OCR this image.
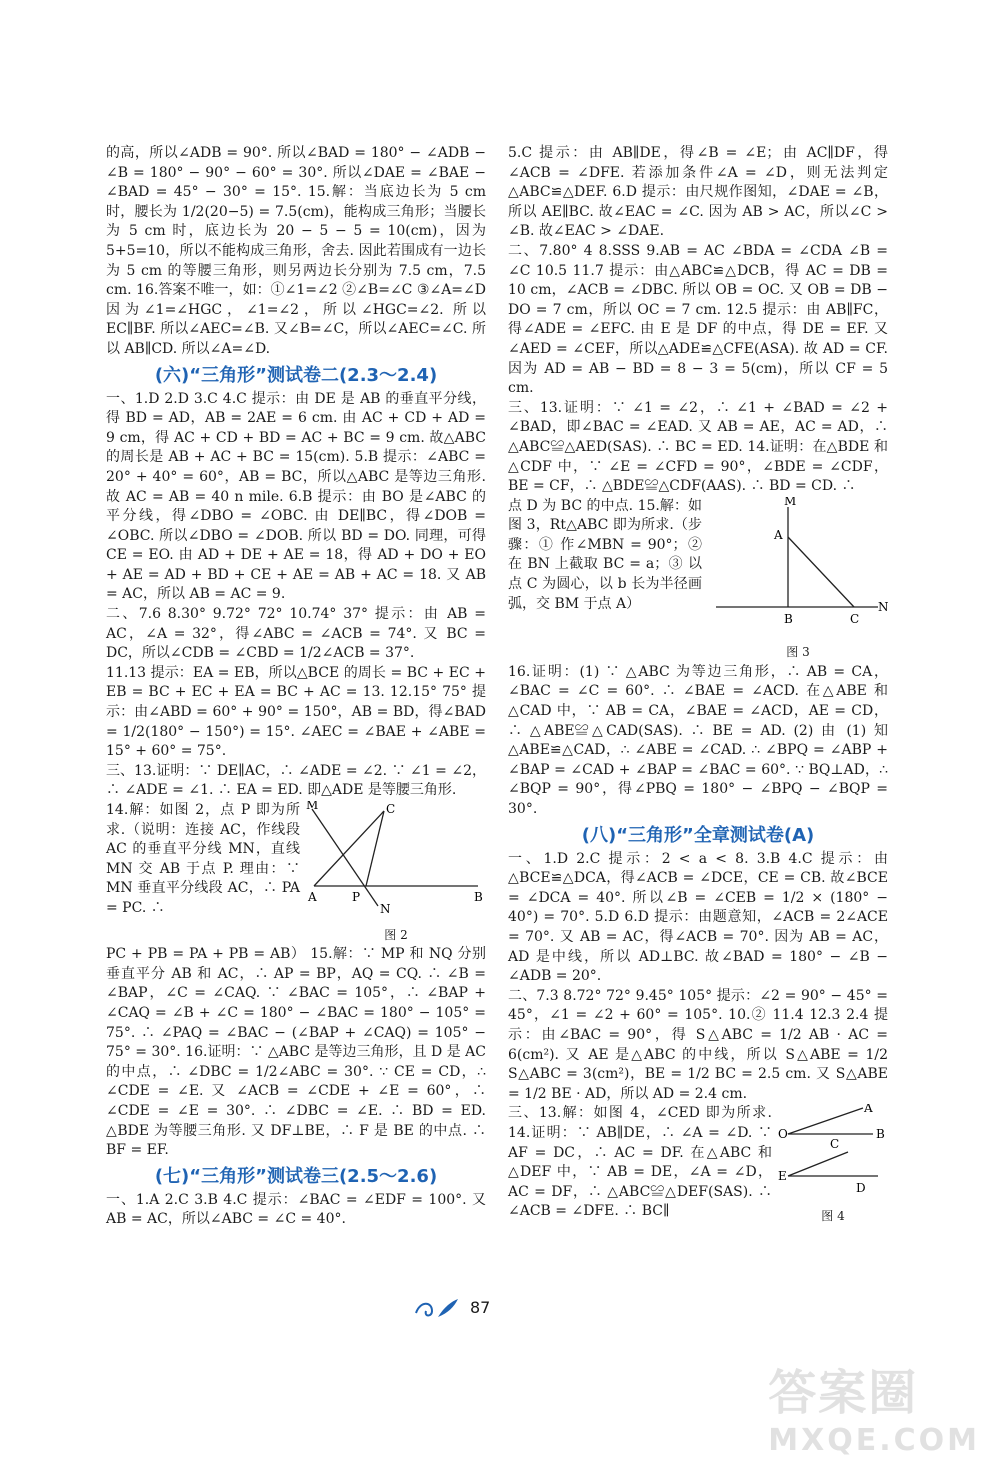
的高，所以∠ADB = 90°. 所以∠BAD = 180° − ∠ADB − ∠B = 180° − 90° − 60° = 30°. 所以∠DAE = ∠BAE − ∠BAD = 45° − 30° = 15°. 15.解：当底边长为 5 cm 时，腰长为 1/2(20−5) = 7.5(cm)，能构成三角形；当腰长为 5 cm 时，底边长为 20 − 5 − 5 = 10(cm)，因为 5+5=10，所以不能构成三角形，舍去. 因此若围成有一边长为 5 cm 的等腰三角形，则另两边长分别为 7.5 cm，7.5 cm. 16.答案不唯一，如：①∠1=∠2 ②∠B=∠C ③∠A=∠D 因为∠1=∠HGC，∠1=∠2，所以∠HGC=∠2. 所以 EC∥BF. 所以∠AEC=∠B. 又∠B=∠C，所以∠AEC=∠C. 所以 AB∥CD. 所以∠A=∠D.

(六)“三角形”测试卷二(2.3～2.4)

一、1.D 2.D 3.C 4.C 提示：由 DE 是 AB 的垂直平分线，得 BD = AD，AB = 2AE = 6 cm. 由 AC + CD + AD = 9 cm，得 AC + CD + BD = AC + BC = 9 cm. 故△ABC 的周长是 AB + AC + BC = 15(cm). 5.B 提示：∠ABC = 20° + 40° = 60°，AB = BC，所以△ABC 是等边三角形. 故 AC = AB = 40 n mile. 6.B 提示：由 BO 是∠ABC 的平分线，得∠DBO = ∠OBC. 由 DE∥BC，得∠DOB = ∠OBC. 所以∠DBO = ∠DOB. 所以 BD = DO. 同理，可得 CE = EO. 由 AD + DE + AE = 18，得 AD + DO + EO + AE = AD + BD + CE + AE = AB + AC = 18. 又 AB = AC，所以 AB = AC = 9.

二、7.6 8.30° 9.72° 72° 10.74° 37° 提示：由 AB = AC，∠A = 32°，得∠ABC = ∠ACB = 74°. 又 BC = DC，所以∠CDB = ∠CBD = 1/2∠ACB = 37°.

11.13 提示：EA = EB，所以△BCE 的周长 = BC + EC + EB = BC + EC + EA = BC + AC = 13. 12.15° 75° 提示：由∠ABD = 60° + 90° = 150°，AB = BD，得∠BAD = 1/2(180° − 150°) = 15°. ∠AEC = ∠BAE + ∠ABE = 15° + 60° = 75°.

三、13.证明：∵ DE∥AC，∴ ∠ADE = ∠2. ∵ ∠1 = ∠2，∴ ∠ADE = ∠1. ∴ EA = ED. 即△ADE 是等腰三角形.

14.解：如图 2，点 P 即为所求.（说明：连接 AC，作线段 AC 的垂直平分线 MN，直线 MN 交 AB 于点 P. 理由：∵ MN 垂直平分线段 AC，∴ PA = PC. ∴

M
N
C
A	P	B
图 2

PC + PB = PA + PB = AB） 15.解：∵ MP 和 NQ 分别垂直平分 AB 和 AC，∴ AP = BP，AQ = CQ. ∴ ∠B = ∠BAP，∠C = ∠CAQ. ∵ ∠BAC = 105°，∴ ∠BAP + ∠CAQ = ∠B + ∠C = 180° − ∠BAC = 180° − 105° = 75°. ∴ ∠PAQ = ∠BAC − (∠BAP + ∠CAQ) = 105° − 75° = 30°. 16.证明：∵ △ABC 是等边三角形，且 D 是 AC 的中点，∴ ∠DBC = 1/2∠ABC = 30°. ∵ CE = CD，∴ ∠CDE = ∠E. 又 ∠ACB = ∠CDE + ∠E = 60°，∴ ∠CDE = ∠E = 30°. ∴ ∠DBC = ∠E. ∴ BD = ED. △BDE 为等腰三角形. 又 DF⊥BE，∴ F 是 BE 的中点. ∴ BF = EF.

(七)“三角形”测试卷三(2.5～2.6)

一、1.A 2.C 3.B 4.C 提示：∠BAC = ∠EDF = 100°. 又 AB = AC，所以∠ABC = ∠C = 40°.

5.C 提示：由 AB∥DE，得∠B = ∠E；由 AC∥DF，得∠ACB = ∠DFE. 若添加条件∠A = ∠D，则无法判定△ABC≌△DEF. 6.D 提示：由尺规作图知，∠DAE = ∠B，所以 AE∥BC. 故∠EAC = ∠C. 因为 AB > AC，所以∠C > ∠B. 故∠EAC > ∠DAE.

二、7.80° 4 8.SSS 9.AB = AC ∠BDA = ∠CDA ∠B = ∠C 10.5 11.7 提示：由△ABC≌△DCB，得 AC = DB = 10 cm，∠ACB = ∠DBC. 所以 OB = OC. 又 OB = DB − DO = 7 cm，所以 OC = 7 cm. 12.5 提示：由 AB∥FC，得∠ADE = ∠EFC. 由 E 是 DF 的中点，得 DE = EF. 又∠AED = ∠CEF，所以△ADE≌△CFE(ASA). 故 AD = CF. 因为 AD = AB − BD = 8 − 3 = 5(cm)，所以 CF = 5 cm.

三、13.证明：∵ ∠1 = ∠2，∴ ∠1 + ∠BAD = ∠2 + ∠BAD，即∠BAC = ∠EAD. 又 AB = AE，AC = AD，∴ △ABC≌△AED(SAS). ∴ BC = ED. 14.证明：在△BDE 和△CDF 中，∵ ∠E = ∠CFD = 90°，∠BDE = ∠CDF，BE = CF，∴ △BDE≌△CDF(AAS). ∴ BD = CD. ∴

点 D 为 BC 的中点. 15.解：如图 3，Rt△ABC 即为所求.（步骤：① 作∠MBN = 90°；② 在 BN 上截取 BC = a；③ 以点 C 为圆心，以 b 长为半径画弧，交 BM 于点 A）

M
A
B	C
N
图 3

16.证明：(1) ∵ △ABC 为等边三角形，∴ AB = CA，∠BAC = ∠C = 60°. ∴ ∠BAE = ∠ACD. 在△ABE 和△CAD 中，∵ AB = CA，∠BAE = ∠ACD，AE = CD，∴ △ABE≌△CAD(SAS). ∴ BE = AD. (2) 由 (1) 知△ABE≌△CAD，∴ ∠ABE = ∠CAD. ∴ ∠BPQ = ∠ABP + ∠BAP = ∠CAD + ∠BAP = ∠BAC = 60°. ∵ BQ⊥AD，∴ ∠BQP = 90°，得∠PBQ = 180° − ∠BPQ − ∠BQP = 30°.

(八)“三角形”全章测试卷(A)

一、1.D 2.C 提示：2 < a < 8. 3.B 4.C 提示：由△BCE≌△DCA，得∠ACB = ∠DCE，CE = CB. 故∠BCE = ∠DCA = 40°. 所以∠B = ∠CEB = 1/2 × (180° − 40°) = 70°. 5.D 6.D 提示：由题意知，∠ACB = 2∠ACE = 70°. 又 AB = AC，得∠ACB = 70°. 因为 AB = AC，AD 是中线，所以 AD⊥BC. 故∠BAD = 180° − ∠B − ∠ADB = 20°.

二、7.3 8.72° 72° 9.45° 105° 提示：∠2 = 90° − 45° = 45°，∠1 = ∠2 + 60° = 105°. 10.② 11.4 12.3 2.4 提示：由∠BAC = 90°，得 S△ABC = 1/2 AB · AC = 6(cm²). 又 AE 是△ABC 的中线，所以 S△ABE = 1/2 S△ABC = 3(cm²)，BE = 1/2 BC = 2.5 cm. 又 S△ABE = 1/2 BE · AD，所以 AD = 2.4 cm.

三、13.解：如图 4，∠CED 即为所求. 14.证明：∵ AB∥DE，∴ ∠A = ∠D. ∵ AF = DC，∴ AC = DF. 在△ABC 和△DEF 中，∵ AB = DE，∠A = ∠D，AC = DF，∴ △ABC≌△DEF(SAS). ∴ ∠ACB = ∠DFE. ∴ BC∥

O
A
B
C
E
D
图 4
87
答案圈
MXQE.COM
